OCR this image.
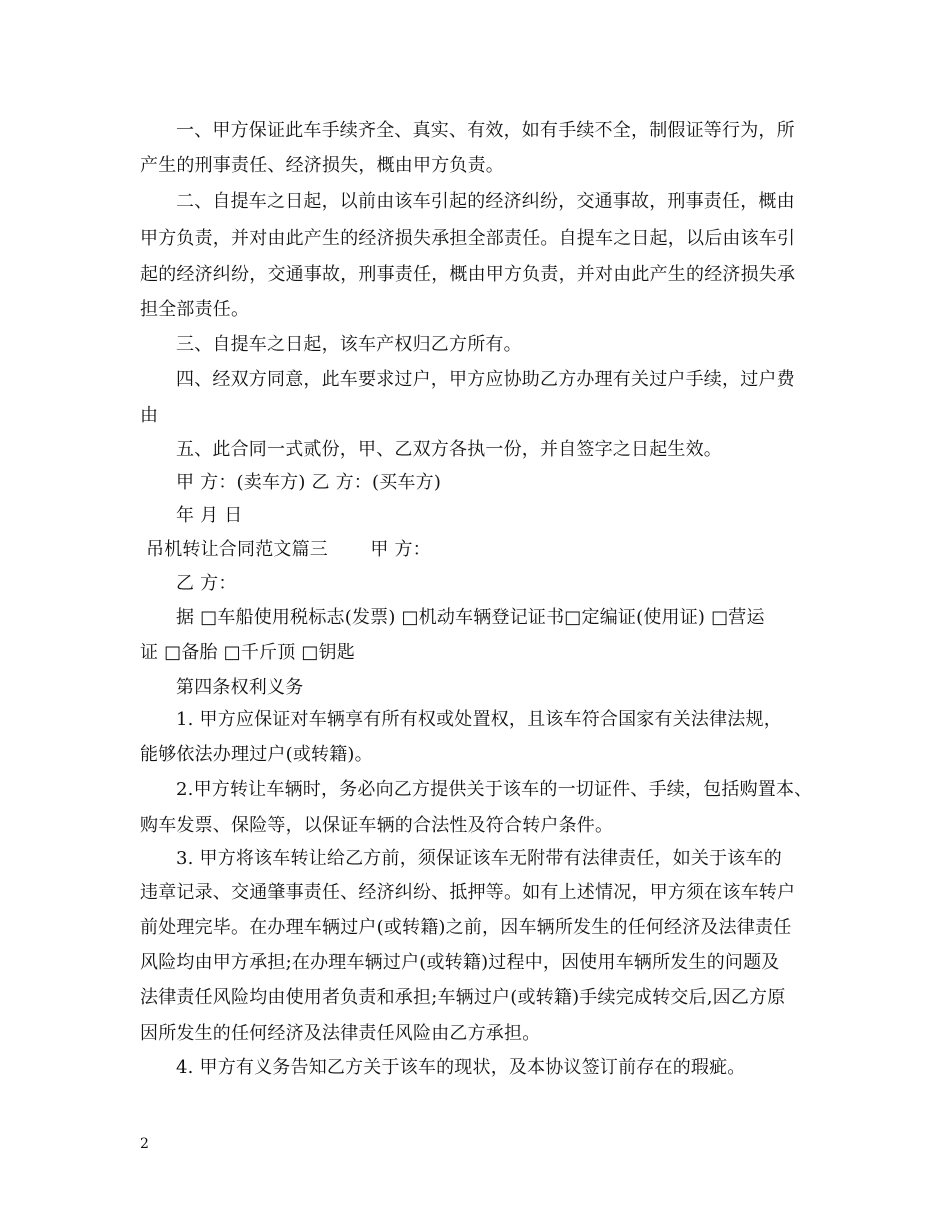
一、甲方保证此车手续齐全、真实、有效，如有手续不全，制假证等行为，所
产生的刑事责任、经济损失，概由甲方负责。
二、自提车之日起，以前由该车引起的经济纠纷，交通事故，刑事责任，概由
甲方负责，并对由此产生的经济损失承担全部责任。自提车之日起，以后由该车引
起的经济纠纷，交通事故，刑事责任，概由甲方负责，并对由此产生的经济损失承
担全部责任。
三、自提车之日起，该车产权归乙方所有。
四、经双方同意，此车要求过户，甲方应协助乙方办理有关过户手续，过户费
由
五、此合同一式贰份，甲、乙双方各执一份，并自签字之日起生效。
甲 方：(卖车方) 乙 方：(买车方)
年 月 日
吊机转让合同范文篇三 　　甲 方：
乙 方：
据 □车船使用税标志(发票) □机动车辆登记证书□定编证(使用证) □营运
证 □备胎 □千斤顶 □钥匙
第四条权利义务
1. 甲方应保证对车辆享有所有权或处置权，且该车符合国家有关法律法规，
能够依法办理过户(或转籍)。
2.甲方转让车辆时，务必向乙方提供关于该车的一切证件、手续，包括购置本、
购车发票、保险等，以保证车辆的合法性及符合转户条件。
3. 甲方将该车转让给乙方前，须保证该车无附带有法律责任，如关于该车的
违章记录、交通肇事责任、经济纠纷、抵押等。如有上述情况，甲方须在该车转户
前处理完毕。在办理车辆过户(或转籍)之前，因车辆所发生的任何经济及法律责任
风险均由甲方承担;在办理车辆过户(或转籍)过程中，因使用车辆所发生的问题及
法律责任风险均由使用者负责和承担;车辆过户(或转籍)手续完成转交后,因乙方原
因所发生的任何经济及法律责任风险由乙方承担。
4. 甲方有义务告知乙方关于该车的现状，及本协议签订前存在的瑕疵。
2
